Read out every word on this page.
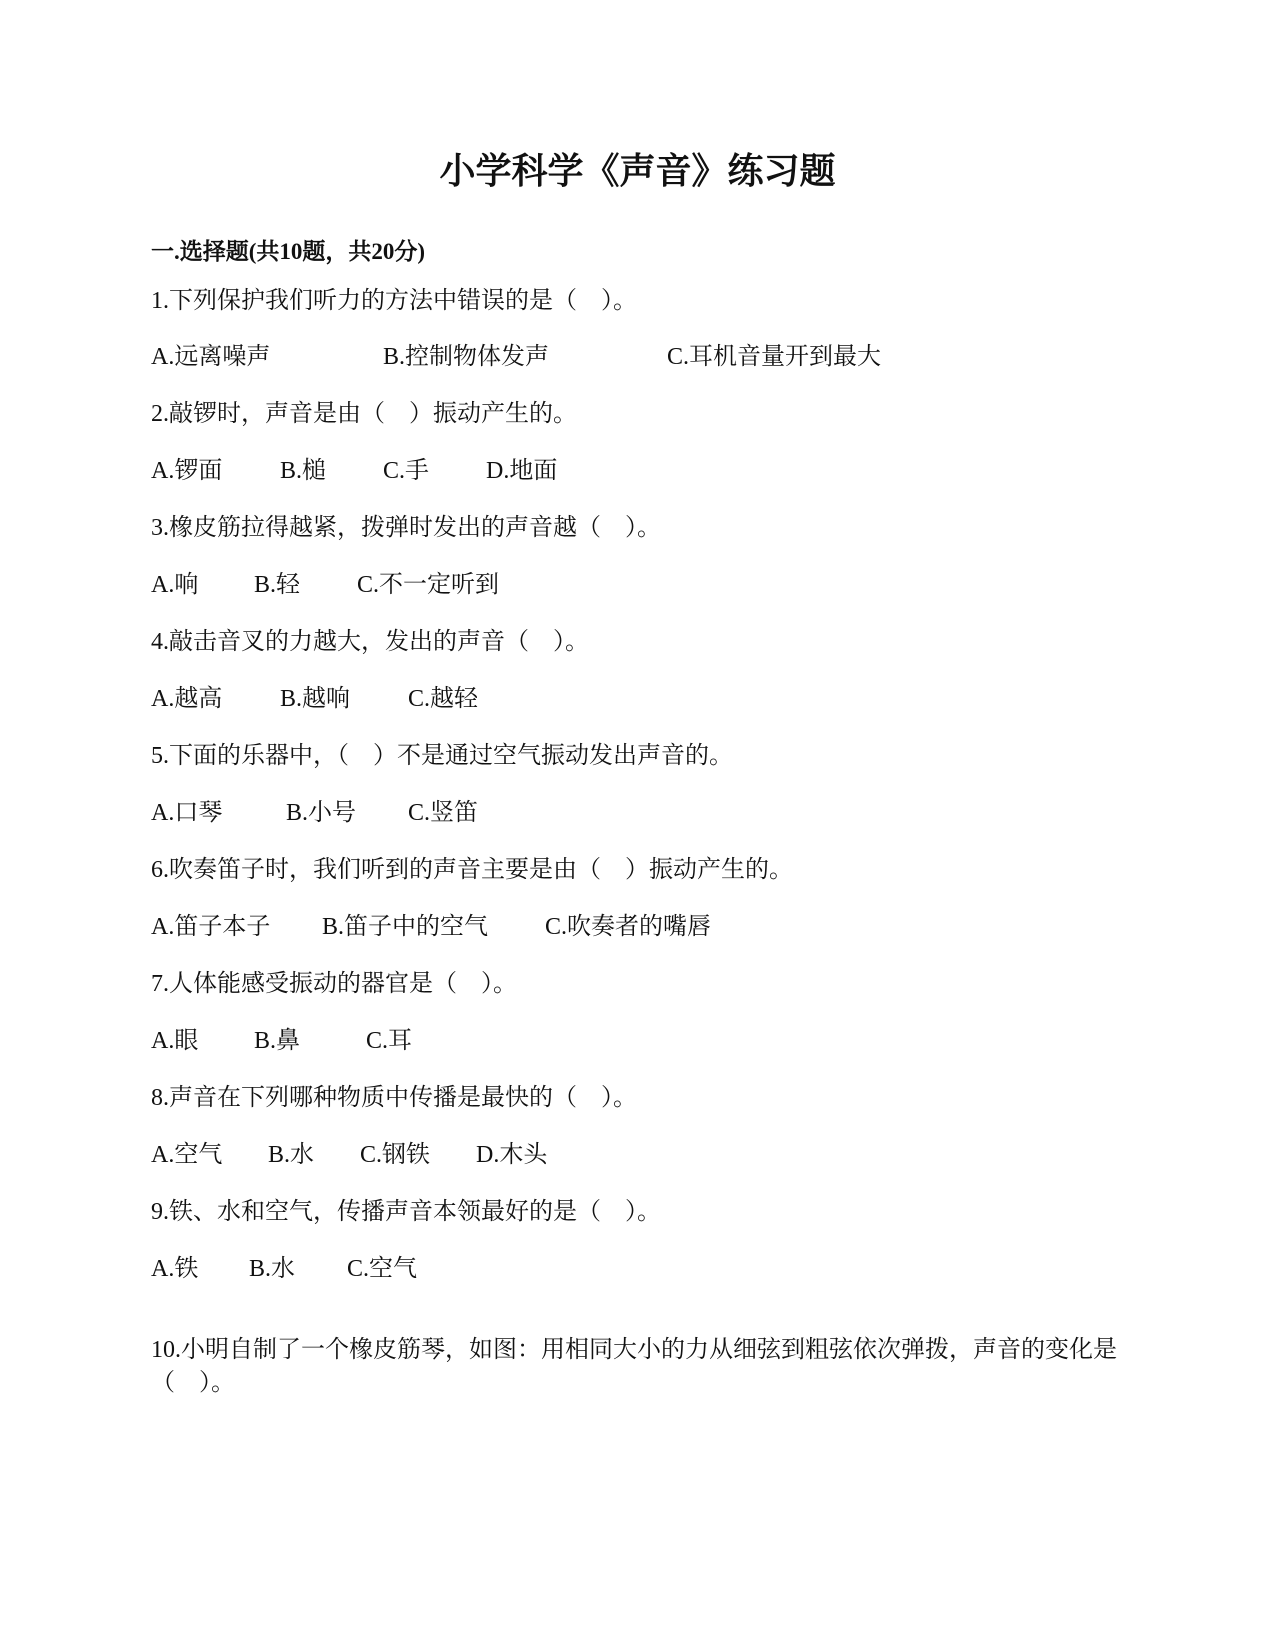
小学科学《声音》练习题
一.选择题(共10题，共20分)
1.下列保护我们听力的方法中错误的是（　）。
A.远离噪声	B.控制物体发声	C.耳机音量开到最大
2.敲锣时，声音是由（　）振动产生的。
A.锣面 B.槌 C.手 D.地面
3.橡皮筋拉得越紧，拨弹时发出的声音越（　）。
A.响 B.轻 C.不一定听到
4.敲击音叉的力越大，发出的声音（　）。
A.越高 B.越响 C.越轻
5.下面的乐器中，（　）不是通过空气振动发出声音的。
A.口琴	B.小号 C.竖笛
6.吹奏笛子时，我们听到的声音主要是由（　）振动产生的。
A.笛子本子 B.笛子中的空气 C.吹奏者的嘴唇
7.人体能感受振动的器官是（　）。
A.眼 B.鼻	C.耳
8.声音在下列哪种物质中传播是最快的（　）。
A.空气 B.水 C.钢铁 D.木头
9.铁、水和空气，传播声音本领最好的是（　）。
A.铁 B.水 C.空气
10.小明自制了一个橡皮筋琴，如图：用相同大小的力从细弦到粗弦依次弹拨，声音的变化是（　）。
